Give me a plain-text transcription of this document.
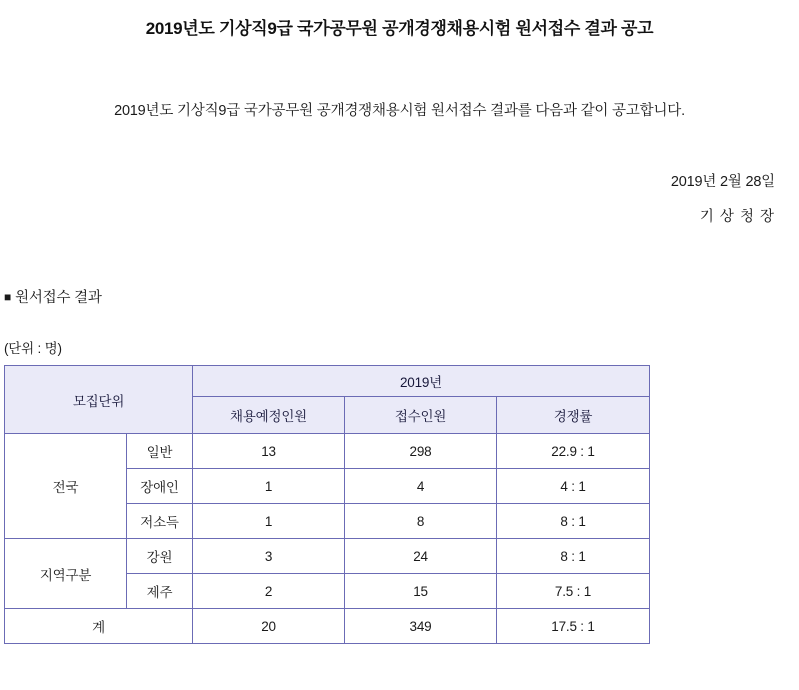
2019년도 기상직9급 국가공무원 공개경쟁채용시험 원서접수 결과 공고
2019년도 기상직9급 국가공무원 공개경쟁채용시험 원서접수 결과를 다음과 같이 공고합니다.
2019년 2월 28일
기 상 청 장
■ 원서접수 결과
(단위 : 명)
모집단위		2019년		
		채용예정인원	접수인원	경쟁률
전국	일반	13	298	22.9 : 1
	장애인	1	4	4 : 1
	저소득	1	8	8 : 1
지역구분	강원	3	24	8 : 1
	제주	2	15	7.5 : 1
계		20	349	17.5 : 1
